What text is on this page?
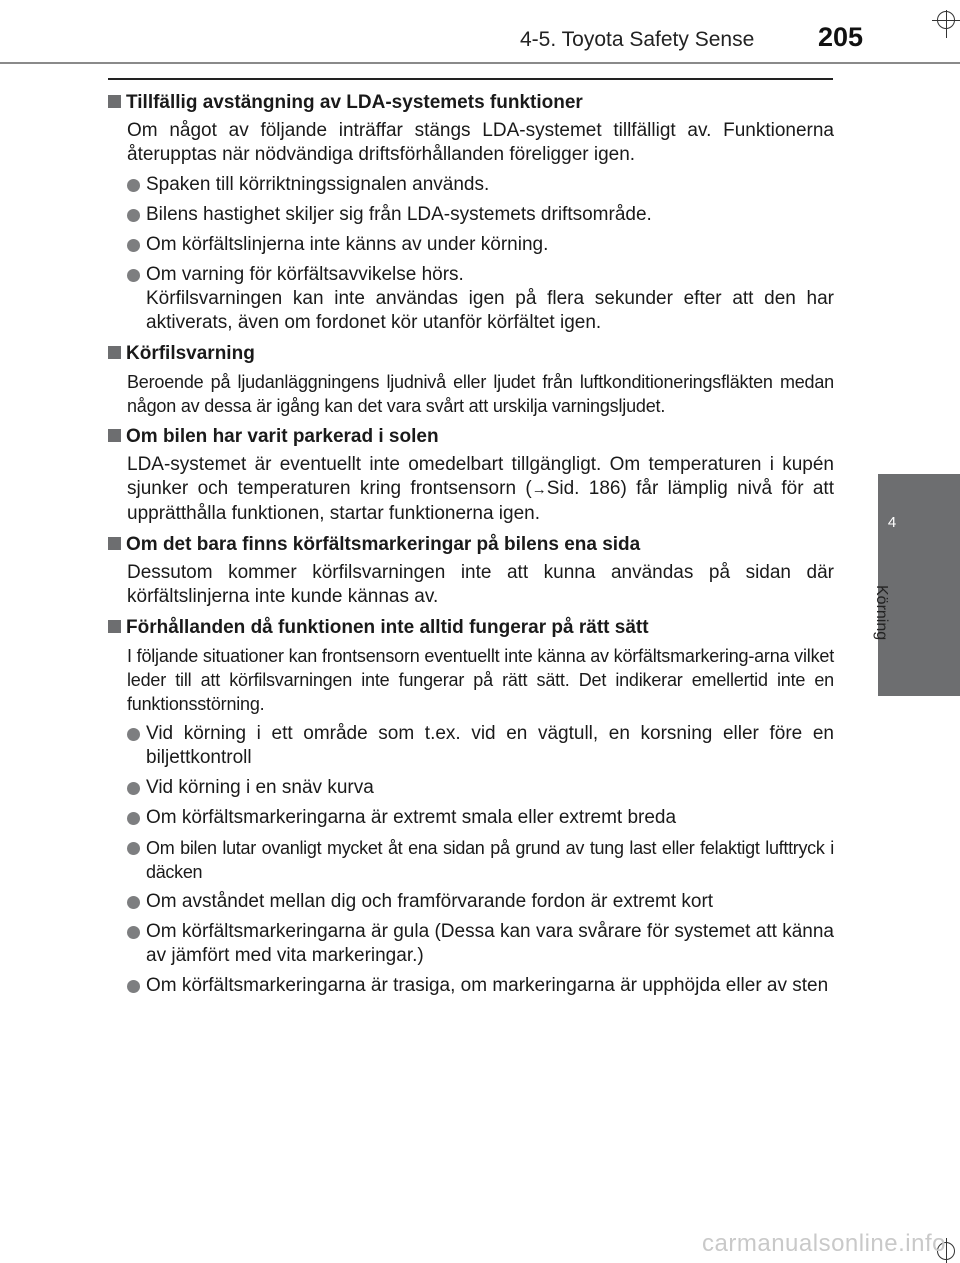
4-5. Toyota Safety Sense 205
4
Körning
Tillfällig avstängning av LDA-systemets funktioner
Om något av följande inträffar stängs LDA-systemet tillfälligt av. Funktionerna återupptas när nödvändiga driftsförhållanden föreligger igen.
Spaken till körriktningssignalen används.
Bilens hastighet skiljer sig från LDA-systemets driftsområde.
Om körfältslinjerna inte känns av under körning.
Om varning för körfältsavvikelse hörs.
Körfilsvarningen kan inte användas igen på flera sekunder efter att den har aktiverats, även om fordonet kör utanför körfältet igen.
Körfilsvarning
Beroende på ljudanläggningens ljudnivå eller ljudet från luftkonditioneringsfläkten medan någon av dessa är igång kan det vara svårt att urskilja varningsljudet.
Om bilen har varit parkerad i solen
LDA-systemet är eventuellt inte omedelbart tillgängligt. Om temperaturen i kupén sjunker och temperaturen kring frontsensorn (→Sid. 186) får lämplig nivå för att upprätthålla funktionen, startar funktionerna igen.
Om det bara finns körfältsmarkeringar på bilens ena sida
Dessutom kommer körfilsvarningen inte att kunna användas på sidan där körfältslinjerna inte kunde kännas av.
Förhållanden då funktionen inte alltid fungerar på rätt sätt
I följande situationer kan frontsensorn eventuellt inte känna av körfältsmarkering-arna vilket leder till att körfilsvarningen inte fungerar på rätt sätt. Det indikerar emellertid inte en funktionsstörning.
Vid körning i ett område som t.ex. vid en vägtull, en korsning eller före en biljettkontroll
Vid körning i en snäv kurva
Om körfältsmarkeringarna är extremt smala eller extremt breda
Om bilen lutar ovanligt mycket åt ena sidan på grund av tung last eller felaktigt lufttryck i däcken
Om avståndet mellan dig och framförvarande fordon är extremt kort
Om körfältsmarkeringarna är gula (Dessa kan vara svårare för systemet att känna av jämfört med vita markeringar.)
Om körfältsmarkeringarna är trasiga, om markeringarna är upphöjda eller av sten
carmanualsonline.info
